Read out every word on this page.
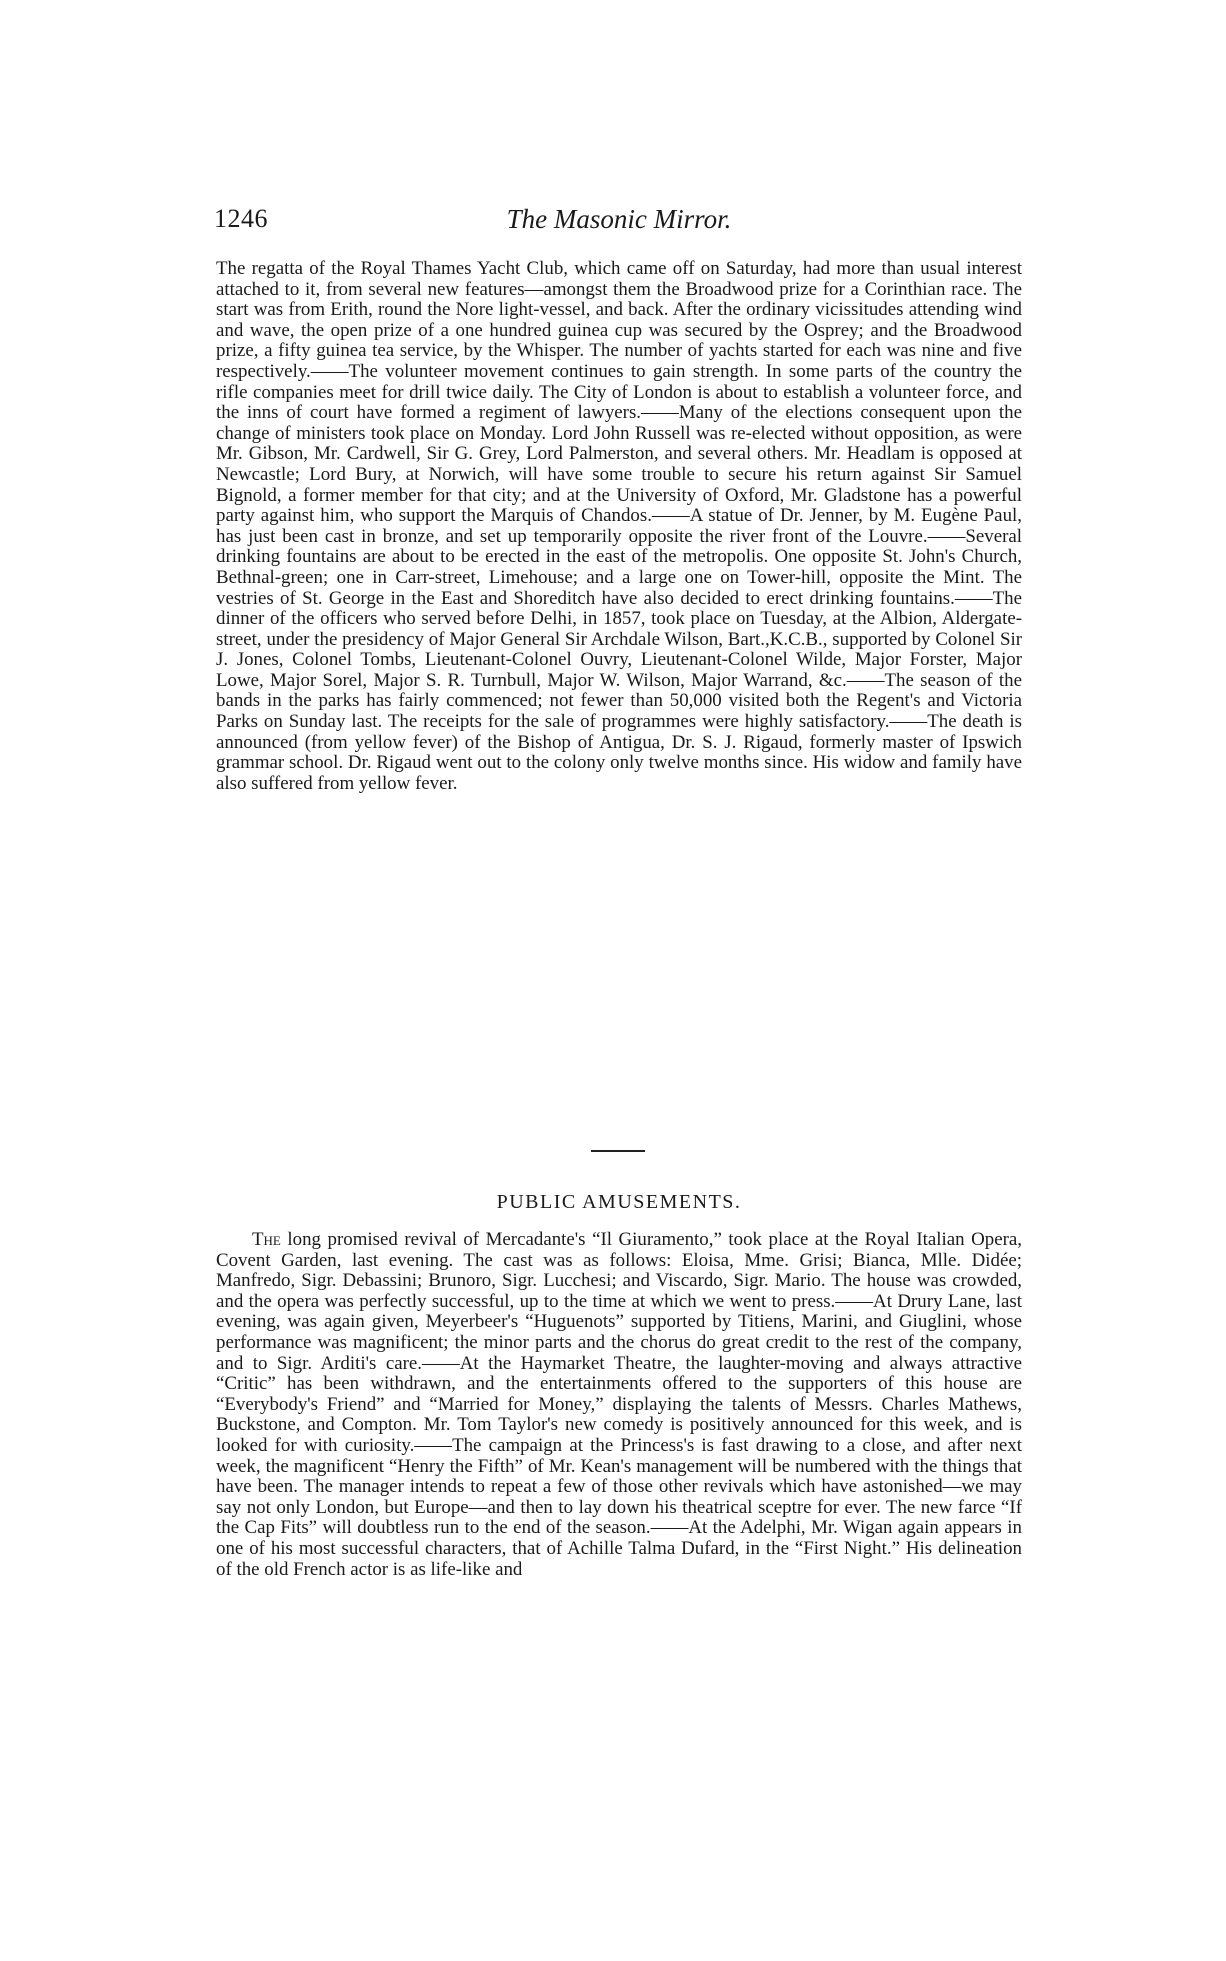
1246	The Masonic Mirror.

The regatta of the Royal Thames Yacht Club, which came off on Saturday, had more than usual interest attached to it, from several new features—amongst them the Broadwood prize for a Corinthian race. The start was from Erith, round the Nore light-vessel, and back. After the ordinary vicissitudes attending wind and wave, the open prize of a one hundred guinea cup was secured by the Osprey; and the Broadwood prize, a fifty guinea tea service, by the Whisper. The number of yachts started for each was nine and five respectively.——The volunteer movement continues to gain strength. In some parts of the country the rifle companies meet for drill twice daily. The City of London is about to establish a volunteer force, and the inns of court have formed a regiment of lawyers.——Many of the elections consequent upon the change of ministers took place on Monday. Lord John Russell was re-elected without opposition, as were Mr. Gibson, Mr. Cardwell, Sir G. Grey, Lord Palmerston, and several others. Mr. Headlam is opposed at Newcastle; Lord Bury, at Norwich, will have some trouble to secure his return against Sir Samuel Bignold, a former member for that city; and at the University of Oxford, Mr. Gladstone has a powerful party against him, who support the Marquis of Chandos.——A statue of Dr. Jenner, by M. Eugène Paul, has just been cast in bronze, and set up temporarily opposite the river front of the Louvre.——Several drinking fountains are about to be erected in the east of the metropolis. One opposite St. John's Church, Bethnal-green; one in Carr-street, Limehouse; and a large one on Tower-hill, opposite the Mint. The vestries of St. George in the East and Shoreditch have also decided to erect drinking fountains.——The dinner of the officers who served before Delhi, in 1857, took place on Tuesday, at the Albion, Aldergate-street, under the presidency of Major General Sir Archdale Wilson, Bart.,K.C.B., supported by Colonel Sir J. Jones, Colonel Tombs, Lieutenant-Colonel Ouvry, Lieutenant-Colonel Wilde, Major Forster, Major Lowe, Major Sorel, Major S. R. Turnbull, Major W. Wilson, Major Warrand, &c.——The season of the bands in the parks has fairly commenced; not fewer than 50,000 visited both the Regent's and Victoria Parks on Sunday last. The receipts for the sale of programmes were highly satisfactory.——The death is announced (from yellow fever) of the Bishop of Antigua, Dr. S. J. Rigaud, formerly master of Ipswich grammar school. Dr. Rigaud went out to the colony only twelve months since. His widow and family have also suffered from yellow fever.

PUBLIC AMUSEMENTS.

The long promised revival of Mercadante's “Il Giuramento,” took place at the Royal Italian Opera, Covent Garden, last evening. The cast was as follows: Eloisa, Mme. Grisi; Bianca, Mlle. Didée; Manfredo, Sigr. Debassini; Brunoro, Sigr. Lucchesi; and Viscardo, Sigr. Mario. The house was crowded, and the opera was perfectly successful, up to the time at which we went to press.——At Drury Lane, last evening, was again given, Meyerbeer's “Huguenots” supported by Titiens, Marini, and Giuglini, whose performance was magnificent; the minor parts and the chorus do great credit to the rest of the company, and to Sigr. Arditi's care.——At the Haymarket Theatre, the laughter-moving and always attractive “Critic” has been withdrawn, and the entertainments offered to the supporters of this house are “Everybody's Friend” and “Married for Money,” displaying the talents of Messrs. Charles Mathews, Buckstone, and Compton. Mr. Tom Taylor's new comedy is positively announced for this week, and is looked for with curiosity.——The campaign at the Princess's is fast drawing to a close, and after next week, the magnificent “Henry the Fifth” of Mr. Kean's management will be numbered with the things that have been. The manager intends to repeat a few of those other revivals which have astonished—we may say not only London, but Europe—and then to lay down his theatrical sceptre for ever. The new farce “If the Cap Fits” will doubtless run to the end of the season.——At the Adelphi, Mr. Wigan again appears in one of his most successful characters, that of Achille Talma Dufard, in the “First Night.” His delineation of the old French actor is as life-like and
